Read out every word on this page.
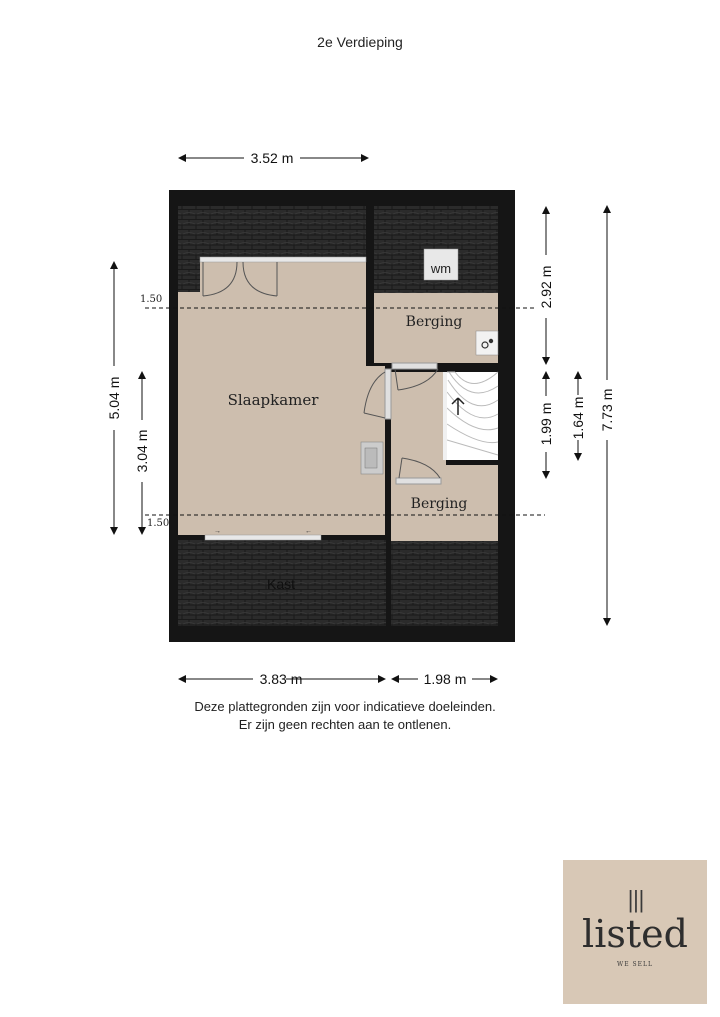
2e Verdieping
→	←
wm
Slaapkamer
Berging
Berging
Kast
1.50
1.50
3.52 m
3.83 m	1.98 m
5.04 m
3.04 m
2.92 m
1.99 m 1.64 m 7.73 m
Deze plattegronden zijn voor indicatieve doeleinden.
Er zijn geen rechten aan te ontlenen.
|||
listed
WE SELL
